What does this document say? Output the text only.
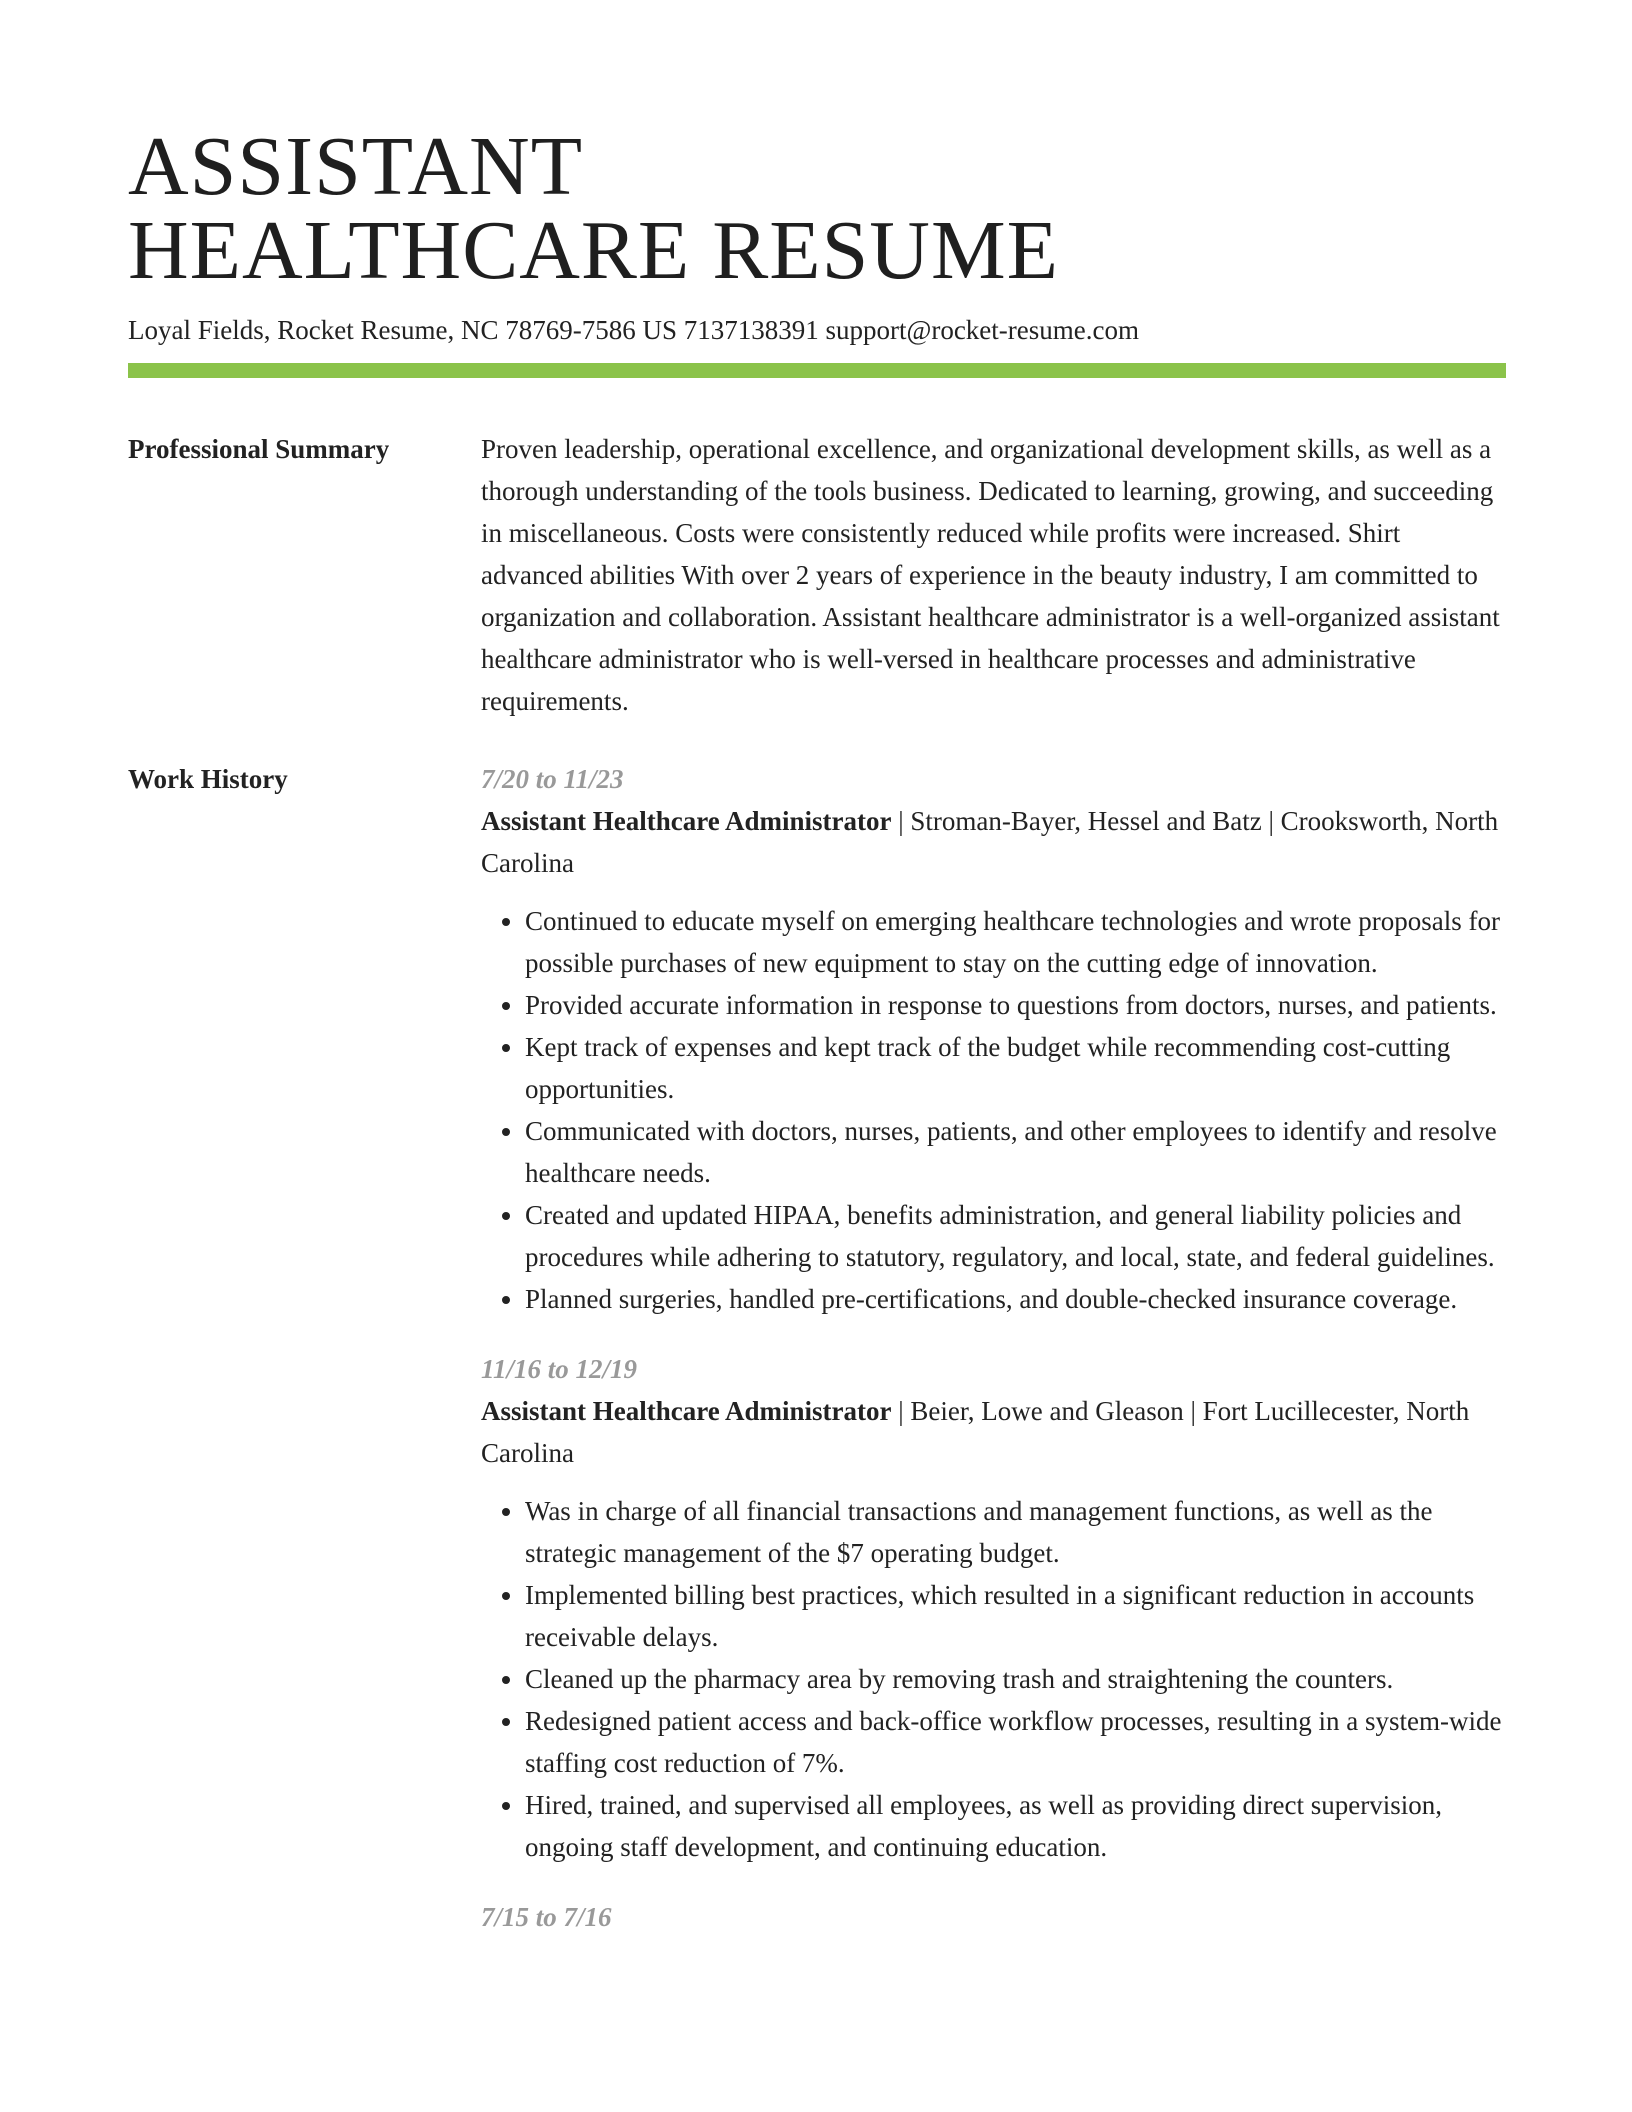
ASSISTANT
HEALTHCARE RESUME
Loyal Fields, Rocket Resume, NC 78769-7586 US 7137138391 support@rocket-resume.com
Professional Summary	Proven leadership, operational excellence, and organizational development skills, as well as a thorough understanding of the tools business. Dedicated to learning, growing, and succeeding in miscellaneous. Costs were consistently reduced while profits were increased. Shirt advanced abilities With over 2 years of experience in the beauty industry, I am committed to organization and collaboration. Assistant healthcare administrator is a well-organized assistant healthcare administrator who is well-versed in healthcare processes and administrative requirements.

Work History	7/20 to 11/23
Assistant Healthcare Administrator | Stroman-Bayer, Hessel and Batz | Crooksworth, North Carolina
• Continued to educate myself on emerging healthcare technologies and wrote proposals for possible purchases of new equipment to stay on the cutting edge of innovation.
• Provided accurate information in response to questions from doctors, nurses, and patients.
• Kept track of expenses and kept track of the budget while recommending cost-cutting opportunities.
• Communicated with doctors, nurses, patients, and other employees to identify and resolve healthcare needs.
• Created and updated HIPAA, benefits administration, and general liability policies and procedures while adhering to statutory, regulatory, and local, state, and federal guidelines.
• Planned surgeries, handled pre-certifications, and double-checked insurance coverage.
11/16 to 12/19
Assistant Healthcare Administrator | Beier, Lowe and Gleason | Fort Lucillecester, North Carolina
• Was in charge of all financial transactions and management functions, as well as the strategic management of the $7 operating budget.
• Implemented billing best practices, which resulted in a significant reduction in accounts receivable delays.
• Cleaned up the pharmacy area by removing trash and straightening the counters.
• Redesigned patient access and back-office workflow processes, resulting in a system-wide staffing cost reduction of 7%.
• Hired, trained, and supervised all employees, as well as providing direct supervision, ongoing staff development, and continuing education.
7/15 to 7/16
